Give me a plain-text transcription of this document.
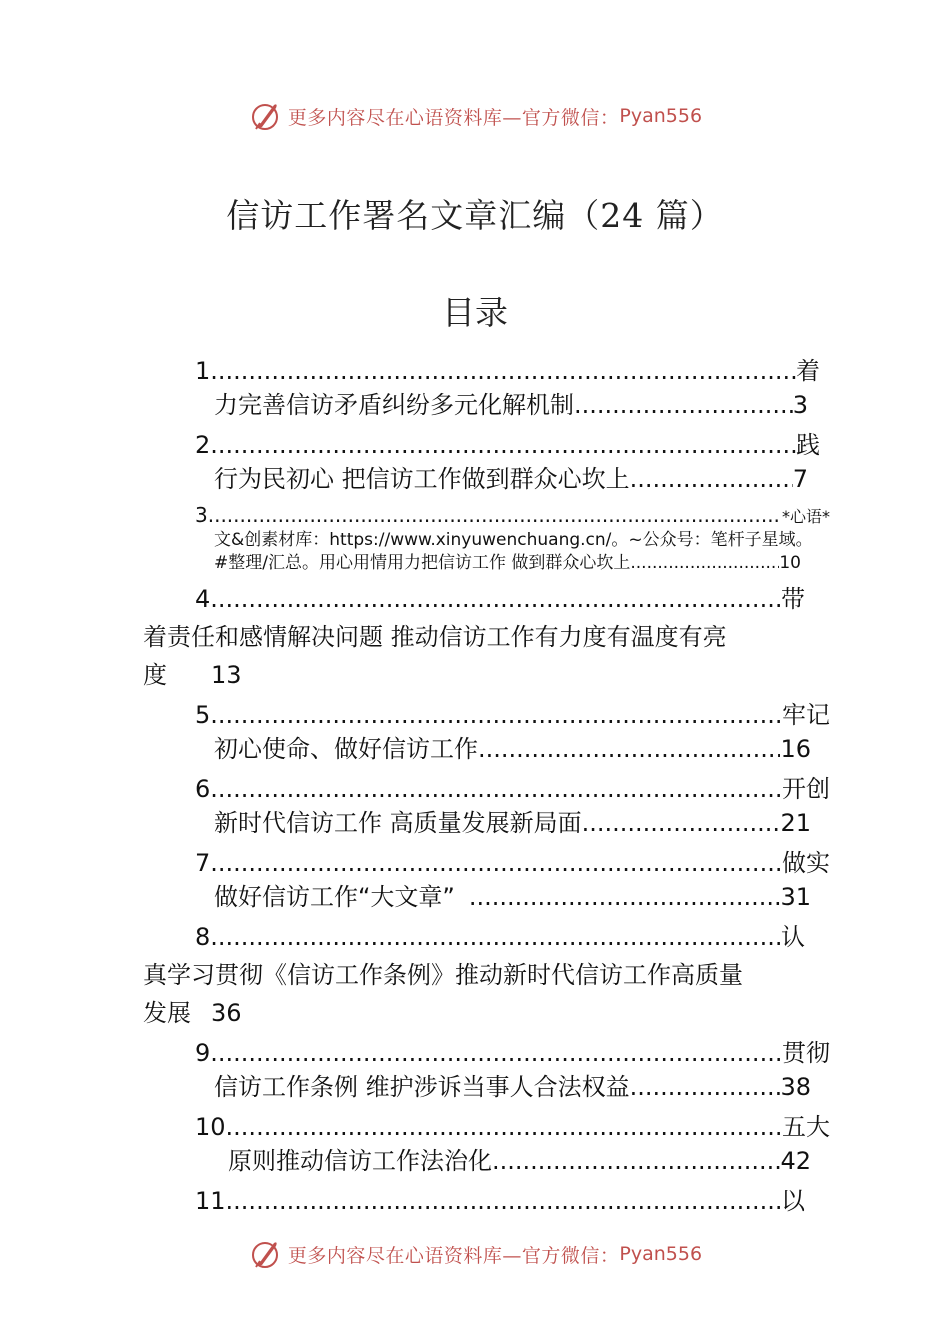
更多内容尽在心语资料库—官方微信： Pyan556
信访工作署名文章汇编（24 篇）
目录
1 .....	着
力完善信访矛盾纠纷多元化解机制 .....	3
2 .....	践
行为民初心 把信访工作做到群众心坎上 .....	7
3 .....	*心语*
文&创素材库：https://www.xinyuwenchuang.cn/。~公众号：笔杆子星域。
#整理/汇总。用心用情用力把信访工作 做到群众心坎上 .....	10
4 .....	带
着责任和感情解决问题 推动信访工作有力度有温度有亮
度 13
5 .....	牢记
初心使命、做好信访工作 .....	16
6 .....	开创
新时代信访工作 高质量发展新局面 .....	21
7 .....	做实
做好信访工作“大文章” .....	31
8 .....	认
真学习贯彻《信访工作条例》推动新时代信访工作高质量
发展 36
9 .....	贯彻
信访工作条例 维护涉诉当事人合法权益 .....	38
10 .....	五大
原则推动信访工作法治化 .....	42
11 .....	以
更多内容尽在心语资料库—官方微信： Pyan556
